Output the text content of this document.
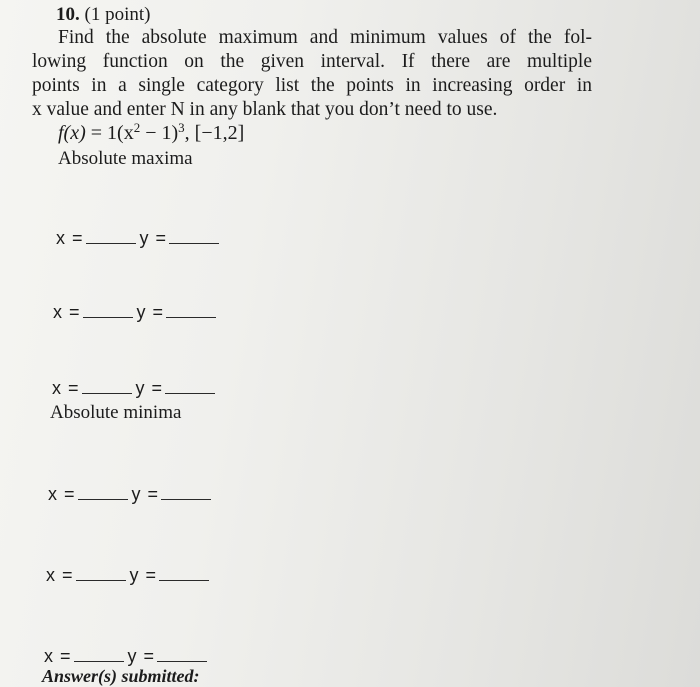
10. (1 point)
Find the absolute maximum and minimum values of the fol-
lowing function on the given interval. If there are multiple
points in a single category list the points in increasing order in
x value and enter N in any blank that you don’t need to use.
$f(x) = 1(x^2 - 1)^3$, [−1,2]
Absolute maxima
x =	y =
x =	y =
x =	y =
Absolute minima
x =	y =
x =	y =
x =	y =
Answer(s) submitted:
